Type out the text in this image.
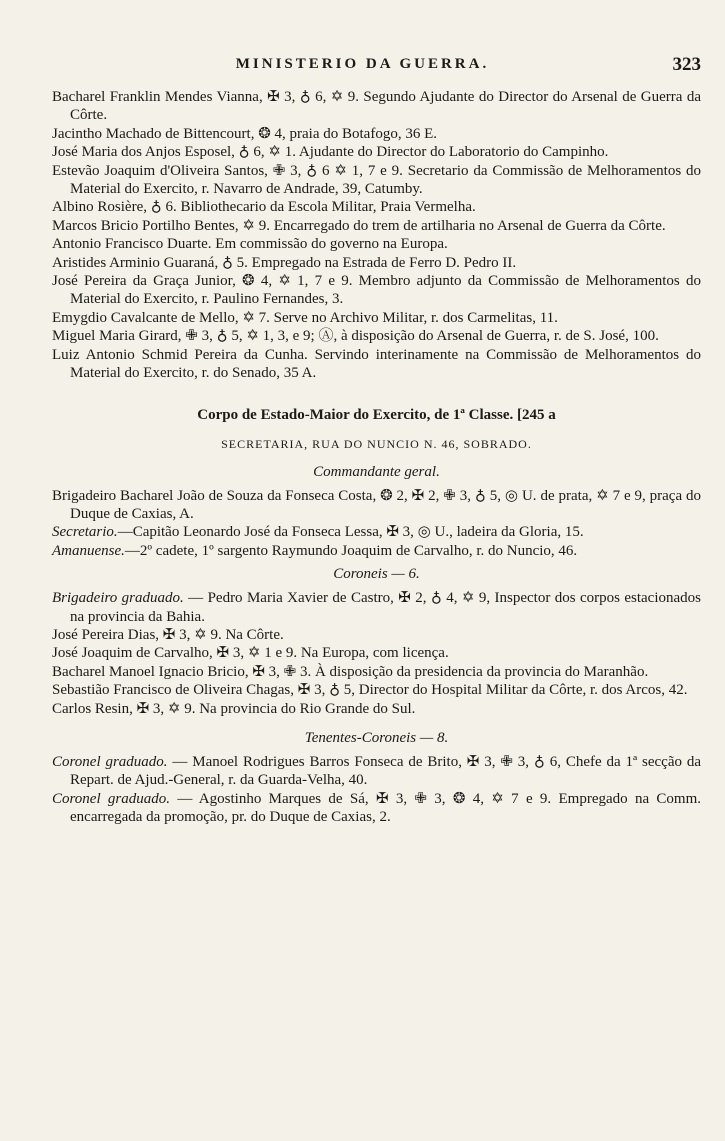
MINISTERIO DA GUERRA.	323

Bacharel Franklin Mendes Vianna, ✠ 3, ♁ 6, ✡ 9. Segundo Ajudante do Director do Arsenal de Guerra da Côrte.

Jacintho Machado de Bittencourt, ❂ 4, praia do Botafogo, 36 E.

José Maria dos Anjos Esposel, ♁ 6, ✡ 1. Ajudante do Director do Laboratorio do Campinho.

Estevão Joaquim d'Oliveira Santos, ✙ 3, ♁ 6 ✡ 1, 7 e 9. Secretario da Commissão de Melhoramentos do Material do Exercito, r. Navarro de Andrade, 39, Catumby.

Albino Rosière, ♁ 6. Bibliothecario da Escola Militar, Praia Vermelha.

Marcos Bricio Portilho Bentes, ✡ 9. Encarregado do trem de artilharia no Arsenal de Guerra da Côrte.

Antonio Francisco Duarte. Em commissão do governo na Europa.

Aristides Arminio Guaraná, ♁ 5. Empregado na Estrada de Ferro D. Pedro II.

José Pereira da Graça Junior, ❂ 4, ✡ 1, 7 e 9. Membro adjunto da Commissão de Melhoramentos do Material do Exercito, r. Paulino Fernandes, 3.

Emygdio Cavalcante de Mello, ✡ 7. Serve no Archivo Militar, r. dos Carmelitas, 11.

Miguel Maria Girard, ✙ 3, ♁ 5, ✡ 1, 3, e 9; Ⓐ, à disposição do Arsenal de Guerra, r. de S. José, 100.

Luiz Antonio Schmid Pereira da Cunha. Servindo interinamente na Commissão de Melhoramentos do Material do Exercito, r. do Senado, 35 A.

Corpo de Estado-Maior do Exercito, de 1ª Classe. [245 a

SECRETARIA, RUA DO NUNCIO N. 46, SOBRADO.

Commandante geral.

Brigadeiro Bacharel João de Souza da Fonseca Costa, ❂ 2, ✠ 2, ✙ 3, ♁ 5, ◎ U. de prata, ✡ 7 e 9, praça do Duque de Caxias, A.

Secretario.—Capitão Leonardo José da Fonseca Lessa, ✠ 3, ◎ U., ladeira da Gloria, 15.

Amanuense.—2º cadete, 1º sargento Raymundo Joaquim de Carvalho, r. do Nuncio, 46.

Coroneis — 6.

Brigadeiro graduado. — Pedro Maria Xavier de Castro, ✠ 2, ♁ 4, ✡ 9, Inspector dos corpos estacionados na provincia da Bahia.

José Pereira Dias, ✠ 3, ✡ 9. Na Côrte.

José Joaquim de Carvalho, ✠ 3, ✡ 1 e 9. Na Europa, com licença.

Bacharel Manoel Ignacio Bricio, ✠ 3, ✙ 3. À disposição da presidencia da provincia do Maranhão.

Sebastião Francisco de Oliveira Chagas, ✠ 3, ♁ 5, Director do Hospital Militar da Côrte, r. dos Arcos, 42.

Carlos Resin, ✠ 3, ✡ 9. Na provincia do Rio Grande do Sul.

Tenentes-Coroneis — 8.

Coronel graduado. — Manoel Rodrigues Barros Fonseca de Brito, ✠ 3, ✙ 3, ♁ 6, Chefe da 1ª secção da Repart. de Ajud.-General, r. da Guarda-Velha, 40.

Coronel graduado. — Agostinho Marques de Sá, ✠ 3, ✙ 3, ❂ 4, ✡ 7 e 9. Empregado na Comm. encarregada da promoção, pr. do Duque de Caxias, 2.
